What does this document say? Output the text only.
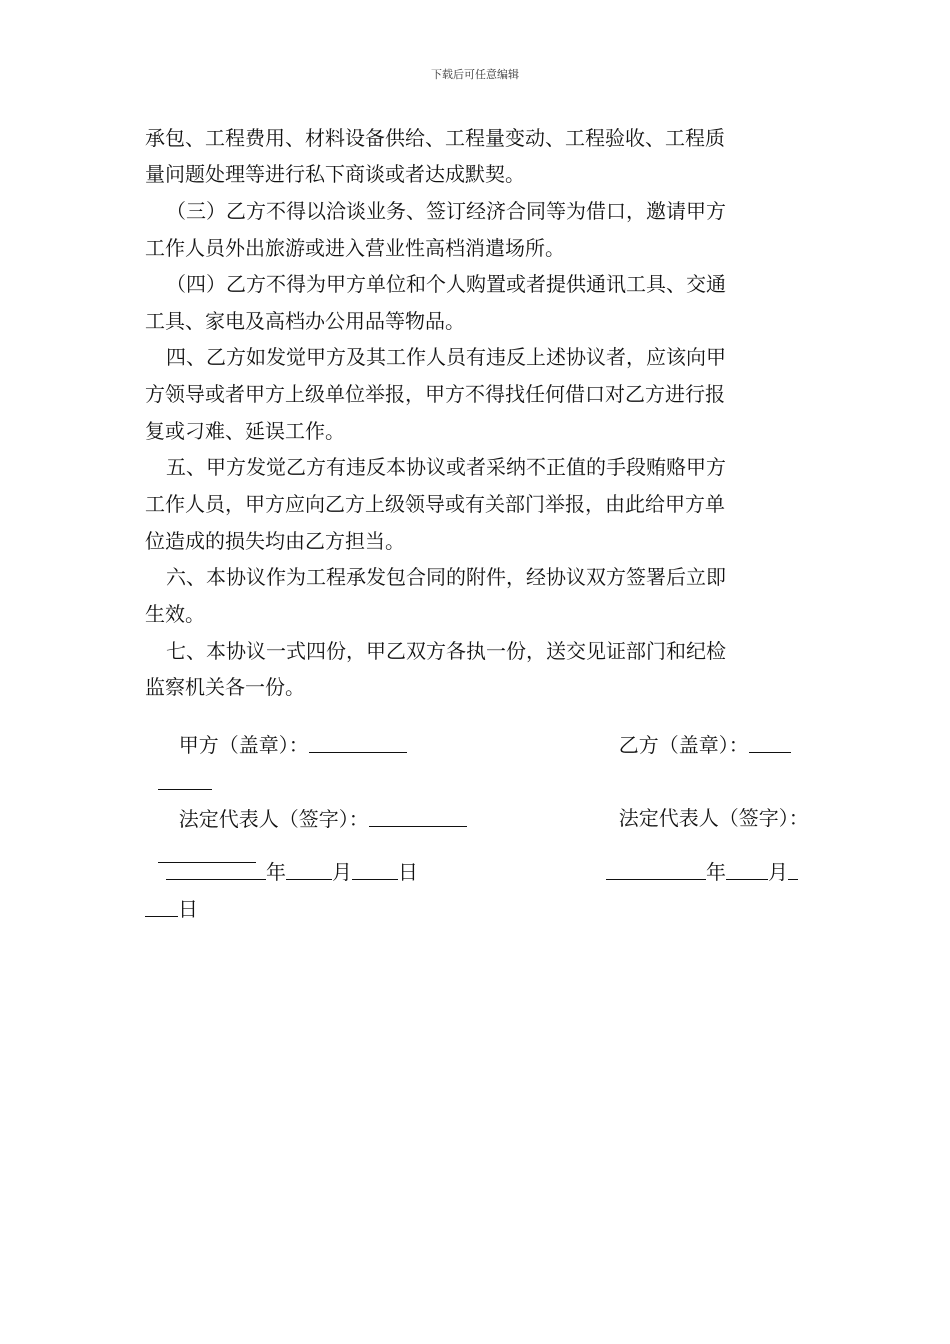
下载后可任意编辑
承包、工程费用、材料设备供给、工程量变动、工程验收、工程质
量问题处理等进行私下商谈或者达成默契。
（三）乙方不得以洽谈业务、签订经济合同等为借口，邀请甲方
工作人员外出旅游或进入营业性高档消遣场所。
（四）乙方不得为甲方单位和个人购置或者提供通讯工具、交通
工具、家电及高档办公用品等物品。
四、乙方如发觉甲方及其工作人员有违反上述协议者，应该向甲
方领导或者甲方上级单位举报，甲方不得找任何借口对乙方进行报
复或刁难、延误工作。
五、甲方发觉乙方有违反本协议或者采纳不正值的手段贿赂甲方
工作人员，甲方应向乙方上级领导或有关部门举报，由此给甲方单
位造成的损失均由乙方担当。
六、本协议作为工程承发包合同的附件，经协议双方签署后立即
生效。
七、本协议一式四份，甲乙双方各执一份，送交见证部门和纪检
监察机关各一份。

甲方（盖章）：	乙方（盖章）：

法定代表人（签字）：	法定代表人（签字）：

年 月 日	年 月
日
